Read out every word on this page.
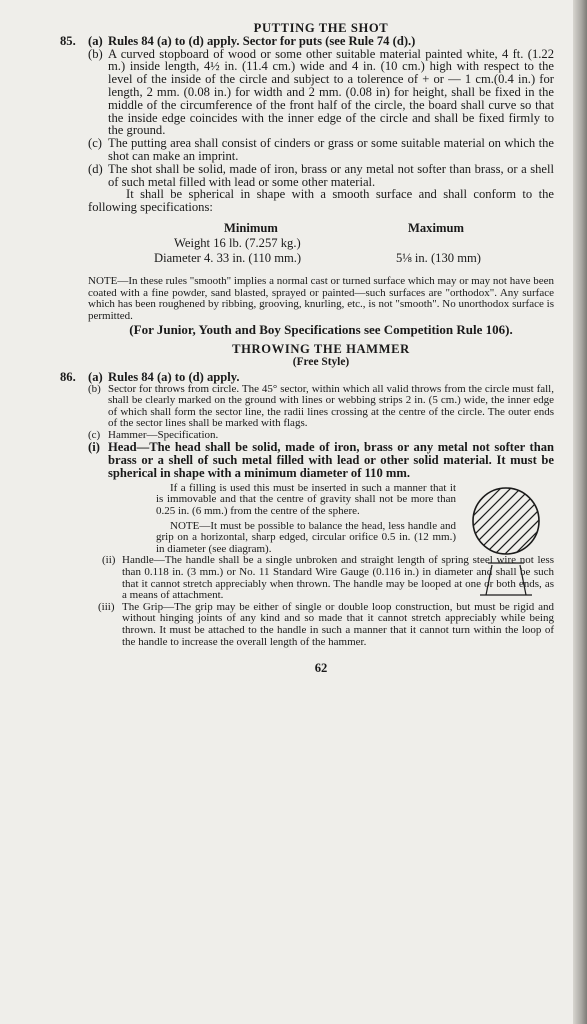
PUTTING THE SHOT
85. (a) Rules 84 (a) to (d) apply. Sector for puts (see Rule 74 (d).)
(b) A curved stopboard of wood or some other suitable material painted white, 4 ft. (1.22 m.) inside length, 4½ in. (11.4 cm.) wide and 4 in. (10 cm.) high with respect to the level of the inside of the circle and subject to a tolerence of + or — 1 cm.(0.4 in.) for length, 2 mm. (0.08 in.) for width and 2 mm. (0.08 in) for height, shall be fixed in the middle of the circumference of the front half of the circle, the board shall curve so that the inside edge coincides with the inner edge of the circle and shall be fixed firmly to the ground.
(c) The putting area shall consist of cinders or grass or some suitable material on which the shot can make an imprint.
(d) The shot shall be solid, made of iron, brass or any metal not softer than brass, or a shell of such metal filled with lead or some other material.
It shall be spherical in shape with a smooth surface and shall conform to the following specifications:
Minimum	Maximum
Weight 16 lb. (7.257 kg.)
Diameter 4. 33 in. (110 mm.)	5⅛ in. (130 mm)
NOTE—In these rules "smooth" implies a normal cast or turned surface which may or may not have been coated with a fine powder, sand blasted, sprayed or painted—such surfaces are "orthodox". Any surface which has been roughened by ribbing, grooving, knurling, etc., is not "smooth". No unorthodox surface is permitted.
(For Junior, Youth and Boy Specifications see Competition Rule 106).
THROWING THE HAMMER
(Free Style)
86. (a) Rules 84 (a) to (d) apply.
(b) Sector for throws from circle. The 45° sector, within which all valid throws from the circle must fall, shall be clearly marked on the ground with lines or webbing strips 2 in. (5 cm.) wide, the inner edge of which shall form the sector line, the radii lines crossing at the centre of the circle. The outer ends of the sector lines shall be marked with flags.
(c) Hammer—Specification.
(i) Head—The head shall be solid, made of iron, brass or any metal not softer than brass or a shell of such metal filled with lead or other solid material. It must be spherical in shape with a minimum diameter of 110 mm.
If a filling is used this must be inserted in such a manner that it is immovable and that the centre of gravity shall not be more than 0.25 in. (6 mm.) from the centre of the sphere.
NOTE—It must be possible to balance the head, less handle and grip on a horizontal, sharp edged, circular orifice 0.5 in. (12 mm.) in diameter (see diagram).
(ii) Handle—The handle shall be a single unbroken and straight length of spring steel wire not less than 0.118 in. (3 mm.) or No. 11 Standard Wire Gauge (0.116 in.) in diameter and shall be such that it cannot stretch appreciably when thrown. The handle may be looped at one or both ends, as a means of attachment.
(iii) The Grip—The grip may be either of single or double loop construction, but must be rigid and without hinging joints of any kind and so made that it cannot stretch appreciably while being thrown. It must be attached to the handle in such a manner that it cannot turn within the loop of the handle to increase the overall length of the hammer.
62
